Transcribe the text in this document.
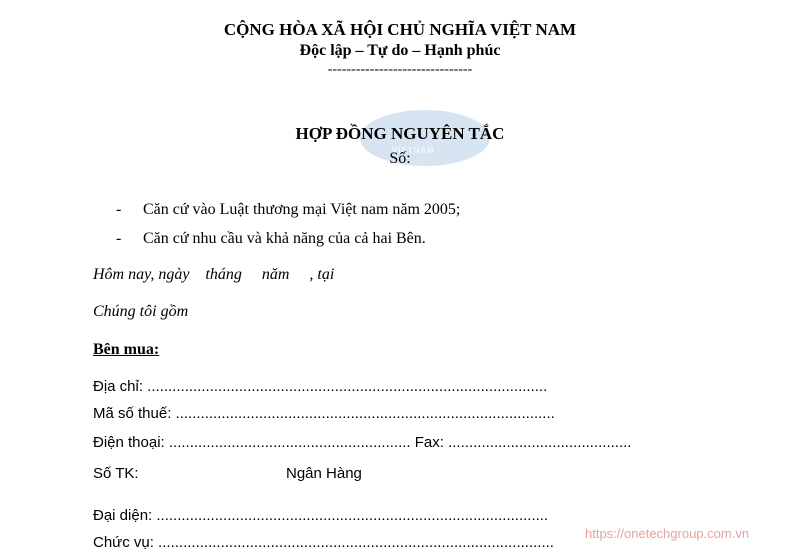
VIETNAM
CỘNG HÒA XÃ HỘI CHỦ NGHĨA VIỆT NAM
Độc lập – Tự do – Hạnh phúc
-------------------------------
HỢP ĐỒNG NGUYÊN TẮC
Số:
- Căn cứ vào Luật thương mại Việt nam năm 2005;
- Căn cứ nhu cầu và khả năng của cả hai Bên.
Hôm nay, ngày    tháng     năm     , tại
Chúng tôi gồm
Bên mua:
Địa chỉ: ................................................................................................
Mã số thuế: ...........................................................................................
Điện thoại: .......................................................... Fax: ............................................
Số TK:	Ngân Hàng
Đại diện: ..............................................................................................
Chức vụ: ...............................................................................................
https://onetechgroup.com.vn
